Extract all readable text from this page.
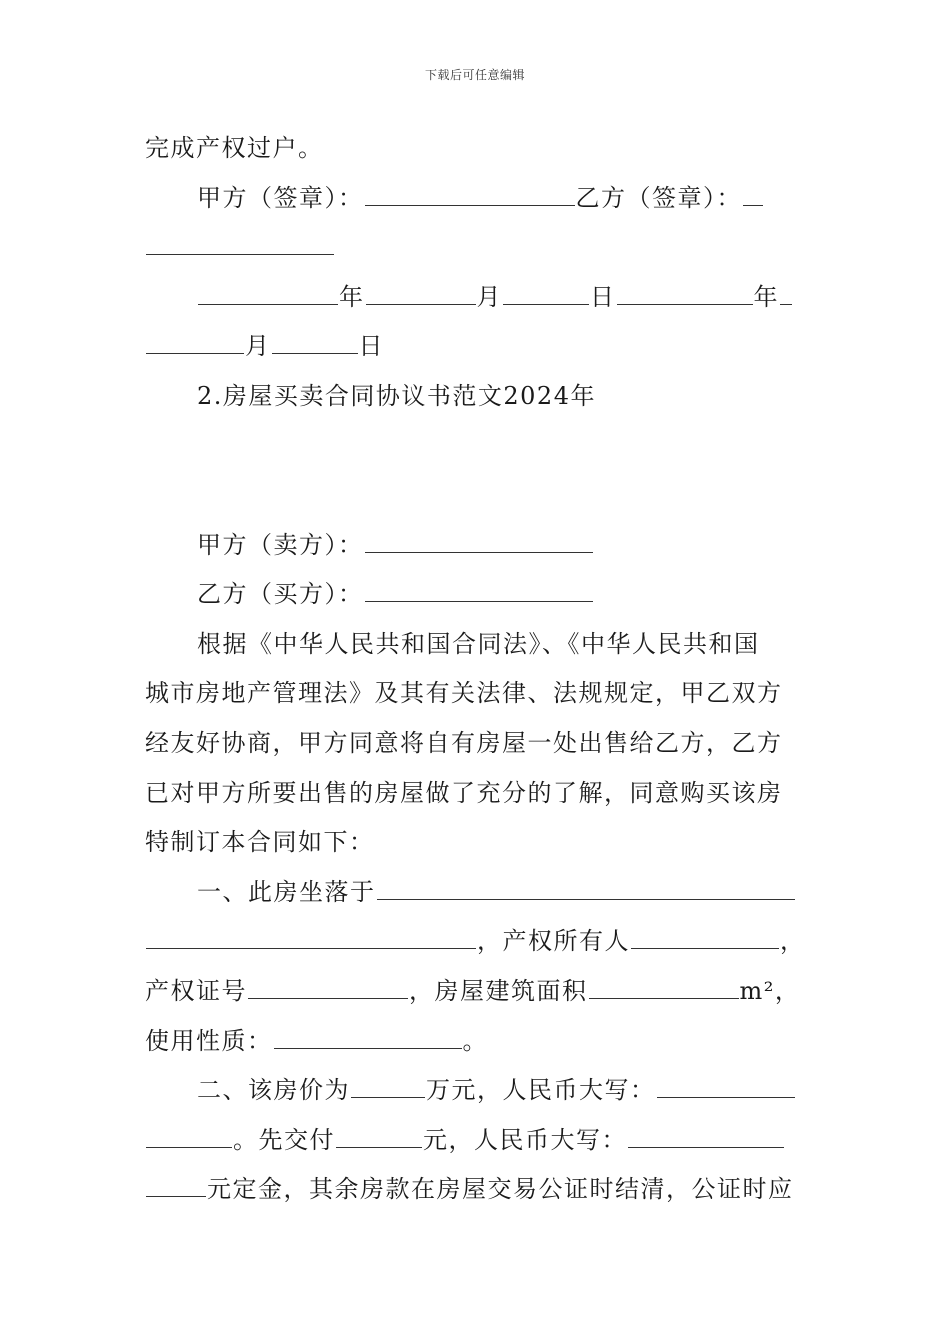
下载后可任意编辑
完成产权过户。
甲方（签章）：	乙方（签章）：
年	月	日	年
月	日
2.房屋买卖合同协议书范文2024年
甲方（卖方）：
乙方（买方）：
根据《中华人民共和国合同法》、《中华人民共和国
城市房地产管理法》及其有关法律、法规规定，甲乙双方
经友好协商，甲方同意将自有房屋一处出售给乙方，乙方
已对甲方所要出售的房屋做了充分的了解，同意购买该房
特制订本合同如下：
一、此房坐落于
，产权所有人	，
产权证号	，房屋建筑面积	m²，
使用性质：	。
二、该房价为	万元，人民币大写：
。先交付	元，人民币大写：
元定金，其余房款在房屋交易公证时结清，公证时应
